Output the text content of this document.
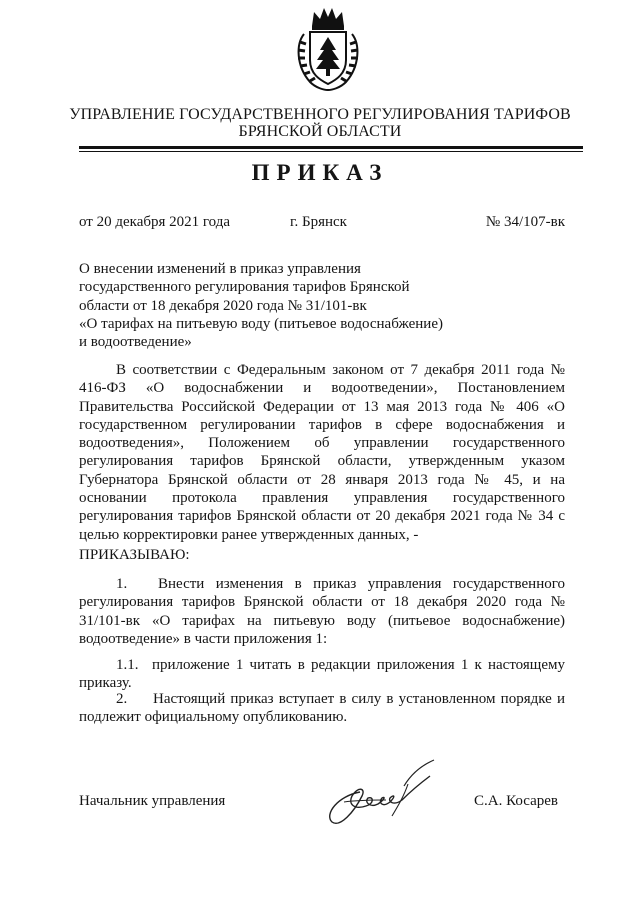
УПРАВЛЕНИЕ ГОСУДАРСТВЕННОГО РЕГУЛИРОВАНИЯ ТАРИФОВ
БРЯНСКОЙ ОБЛАСТИ
ПРИКАЗ
от 20 декабря 2021 года	г. Брянск	№ 34/107-вк
О внесении изменений в приказ управления
государственного регулирования тарифов Брянской
области от 18 декабря 2020 года № 31/101-вк
«О тарифах на питьевую воду (питьевое водоснабжение)
и водоотведение»
В соответствии с Федеральным законом от 7 декабря 2011 года № 416-ФЗ «О водоснабжении и водоотведении», Постановлением Правительства Российской Федерации от 13 мая 2013 года № 406 «О государственном регулировании тарифов в сфере водоснабжения и водоотведения», Положением об управлении государственного регулирования тарифов Брянской области, утвержденным указом Губернатора Брянской области от 28 января 2013 года № 45, и на основании протокола правления управления государственного регулирования тарифов Брянской области от 20 декабря 2021 года № 34 с целью корректировки ранее утвержденных данных, -
ПРИКАЗЫВАЮ:
1. Внести изменения в приказ управления государственного регулирования тарифов Брянской области от 18 декабря 2020 года № 31/101-вк «О тарифах на питьевую воду (питьевое водоснабжение) водоотведение» в части приложения 1:
1.1. приложение 1 читать в редакции приложения 1 к настоящему приказу.
2. Настоящий приказ вступает в силу в установленном порядке и подлежит официальному опубликованию.
Начальник управления	С.А. Косарев
